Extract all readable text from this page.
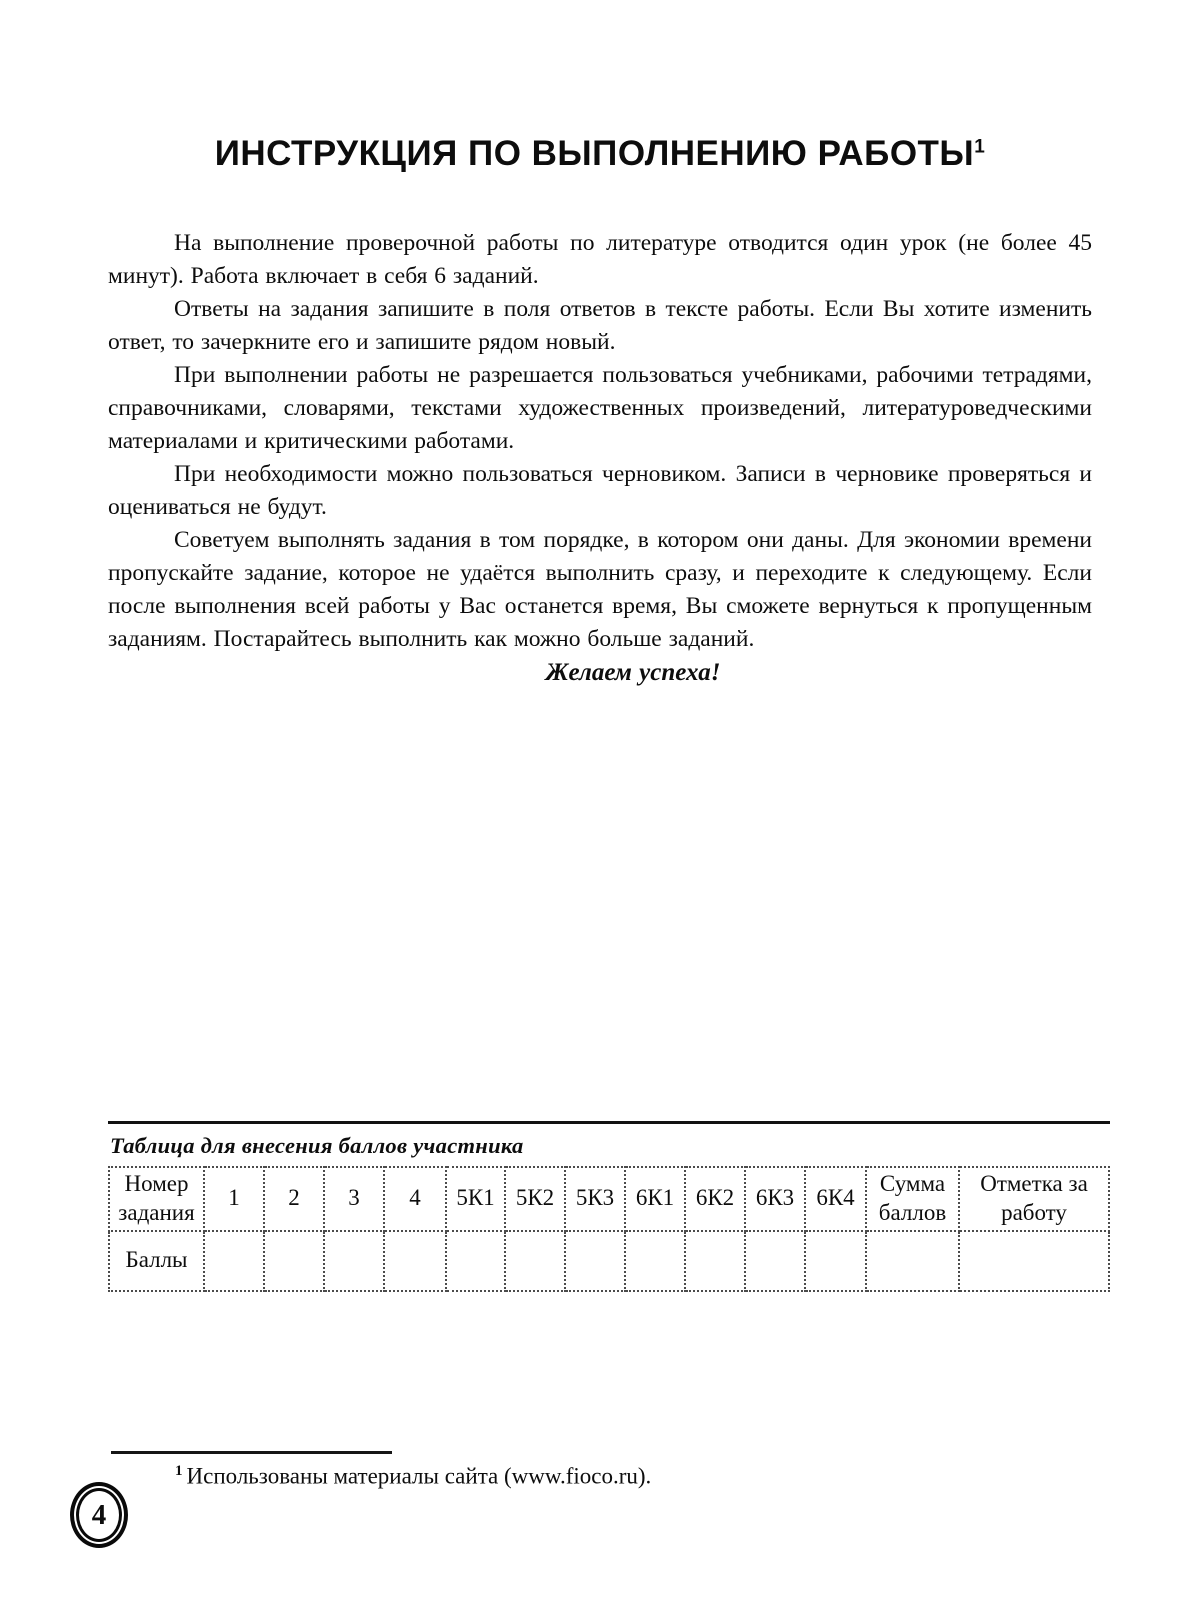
ИНСТРУКЦИЯ ПО ВЫПОЛНЕНИЮ РАБОТЫ$^1$

На выполнение проверочной работы по литературе отводится один урок (не более 45 минут). Работа включает в себя 6 заданий.

Ответы на задания запишите в поля ответов в тексте работы. Если Вы хотите изменить ответ, то зачеркните его и запишите рядом новый.

При выполнении работы не разрешается пользоваться учебниками, рабочими тетрадями, справочниками, словарями, текстами художественных произведений, литературоведческими материалами и критическими работами.

При необходимости можно пользоваться черновиком. Записи в черновике проверяться и оцениваться не будут.

Советуем выполнять задания в том порядке, в котором они даны. Для экономии времени пропускайте задание, которое не удаётся выполнить сразу, и переходите к следующему. Если после выполнения всей работы у Вас останется время, Вы сможете вернуться к пропущенным заданиям. Постарайтесь выполнить как можно больше заданий.

Желаем успеха!

Таблица для внесения баллов участника
Номер задания	1	2	3	4	5К1	5К2	5К3	6К1	6К2	6К3	6К4	Сумма баллов	Отметка за работу
Баллы													

$^1$ Использованы материалы сайта (www.fioco.ru).

4
